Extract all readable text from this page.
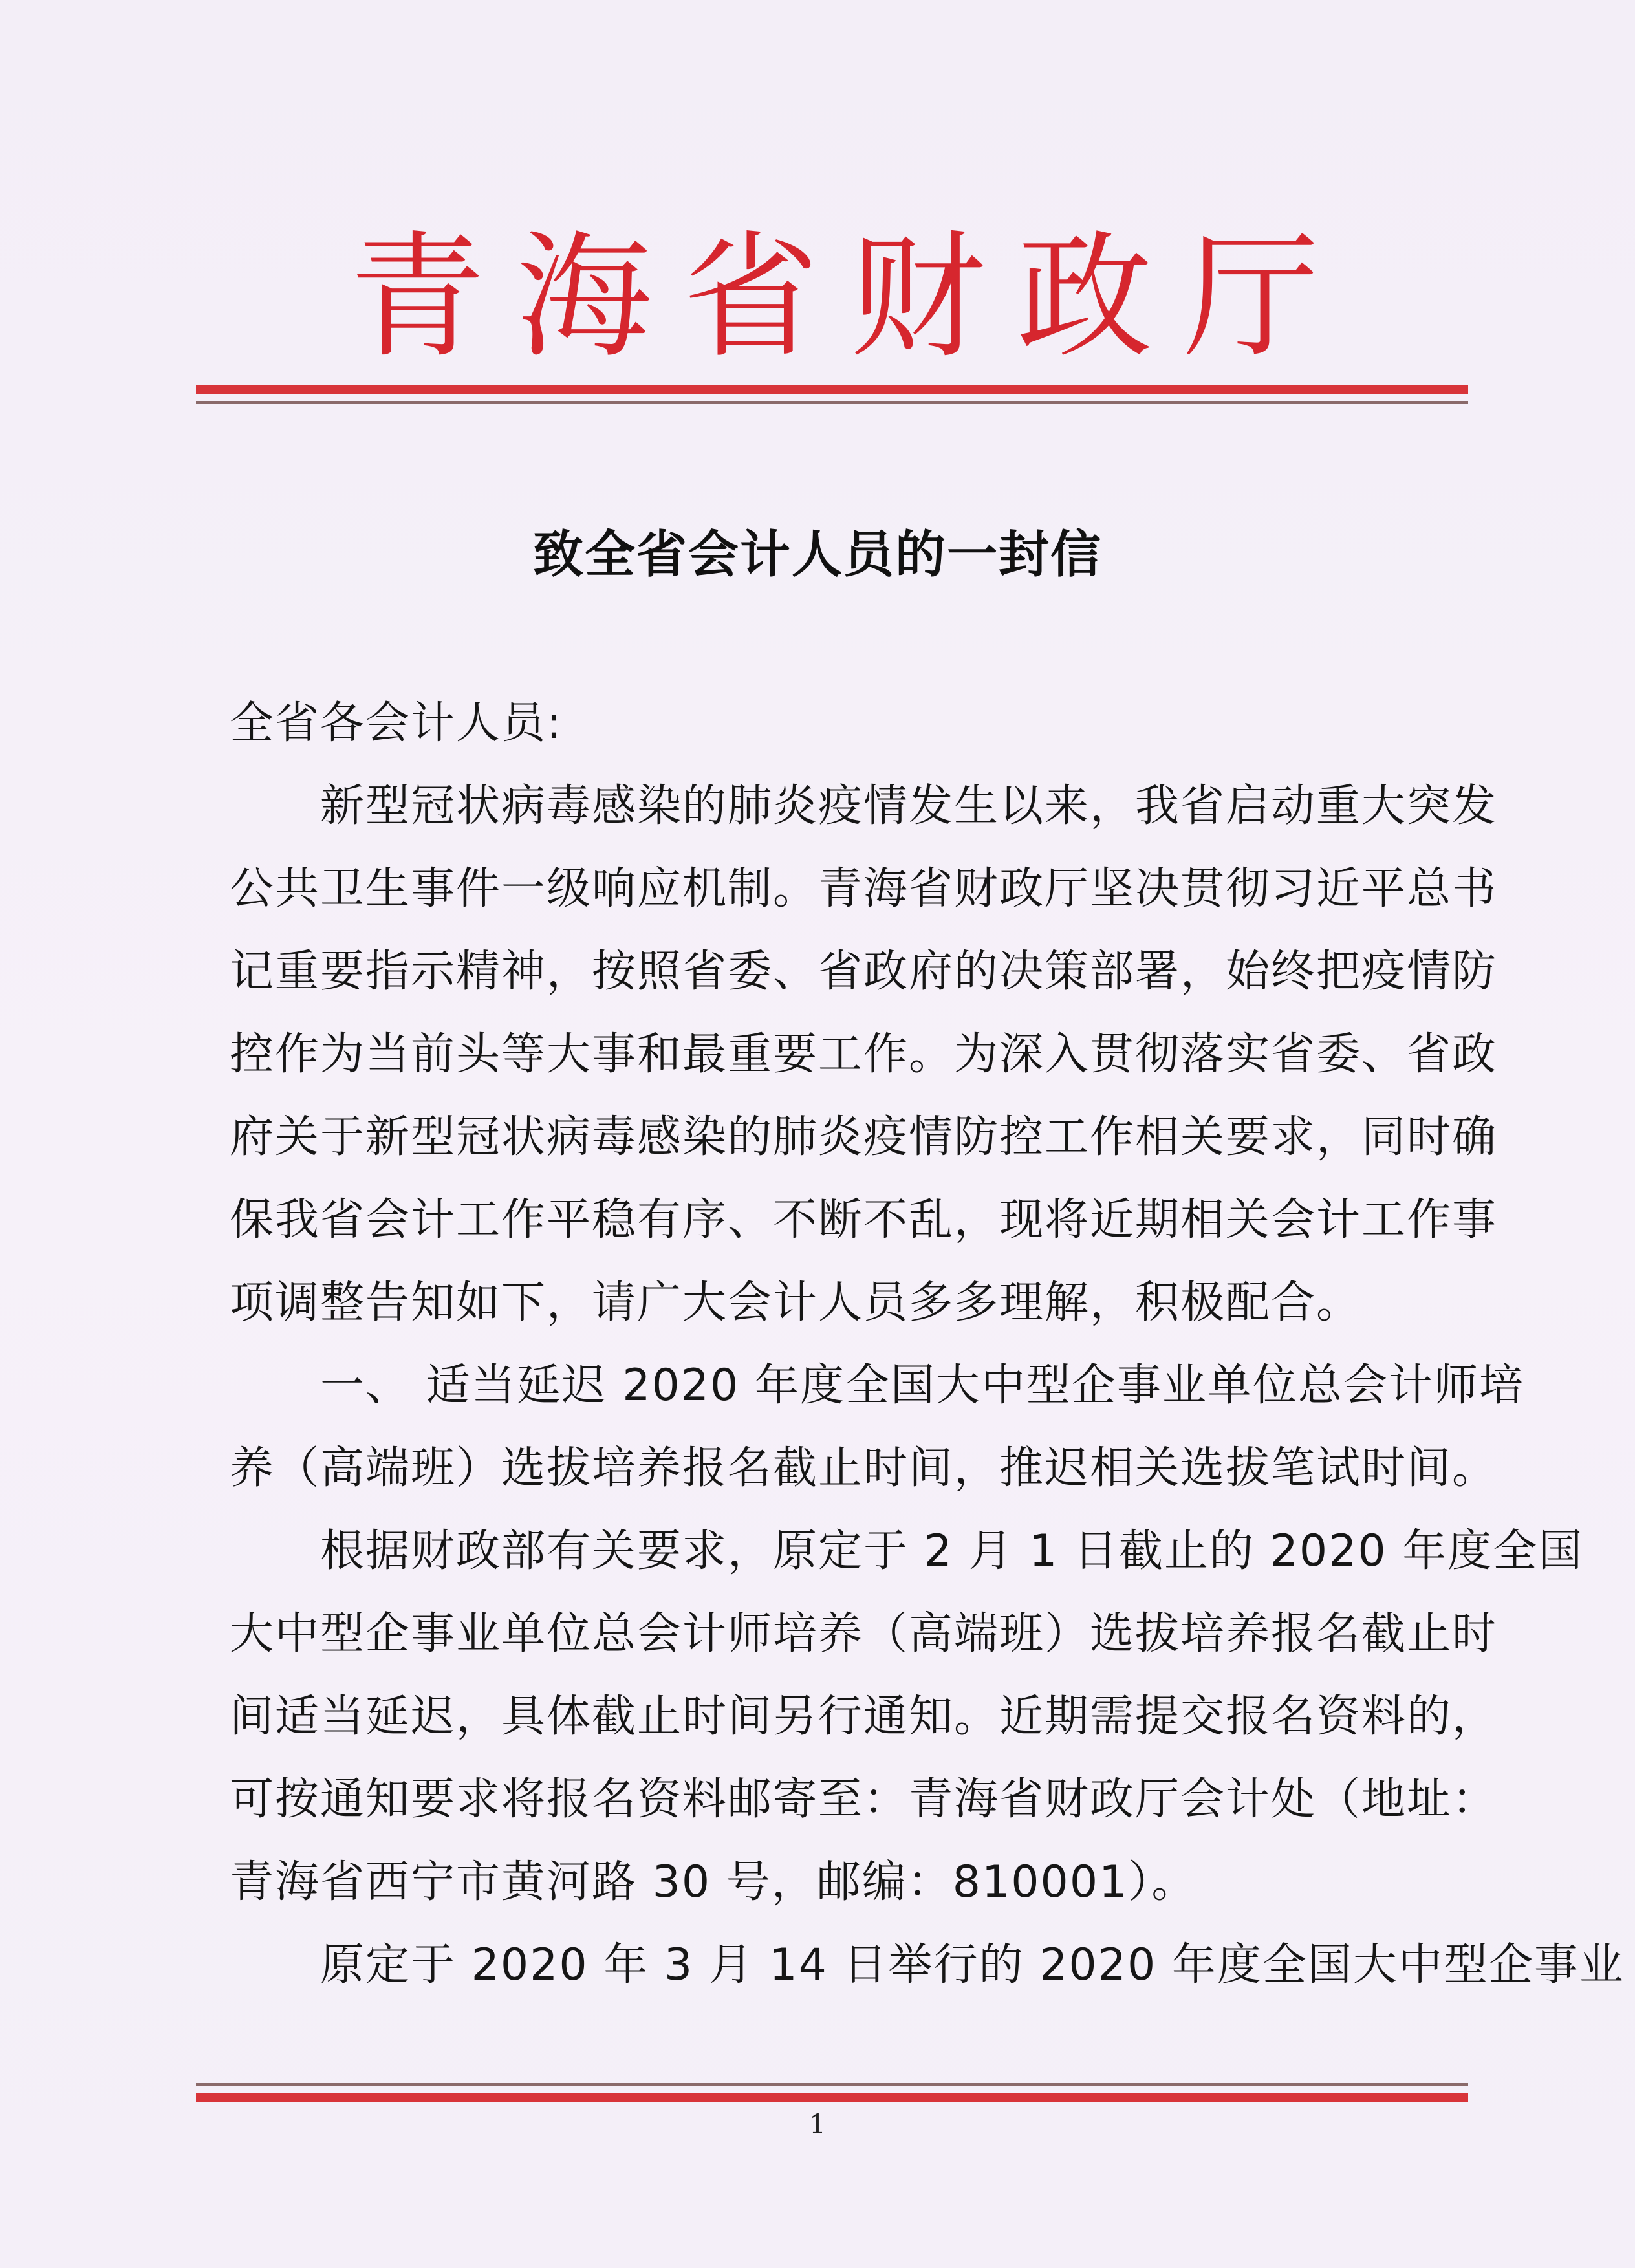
青 海 省 财 政 厅
致全省会计人员的一封信
全省各会计人员:
新型冠状病毒感染的肺炎疫情发生以来，我省启动重大突发
公共卫生事件一级响应机制。青海省财政厅坚决贯彻习近平总书
记重要指示精神，按照省委、省政府的决策部署，始终把疫情防
控作为当前头等大事和最重要工作。为深入贯彻落实省委、省政
府关于新型冠状病毒感染的肺炎疫情防控工作相关要求，同时确
保我省会计工作平稳有序、不断不乱，现将近期相关会计工作事
项调整告知如下，请广大会计人员多多理解，积极配合。
一、 适当延迟 2020 年度全国大中型企事业单位总会计师培
养（高端班）选拔培养报名截止时间，推迟相关选拔笔试时间。
根据财政部有关要求，原定于 2 月 1 日截止的 2020 年度全国
大中型企事业单位总会计师培养（高端班）选拔培养报名截止时
间适当延迟，具体截止时间另行通知。近期需提交报名资料的，
可按通知要求将报名资料邮寄至：青海省财政厅会计处（地址：
青海省西宁市黄河路 30 号，邮编：810001）。
原定于 2020 年 3 月 14 日举行的 2020 年度全国大中型企事业
1
